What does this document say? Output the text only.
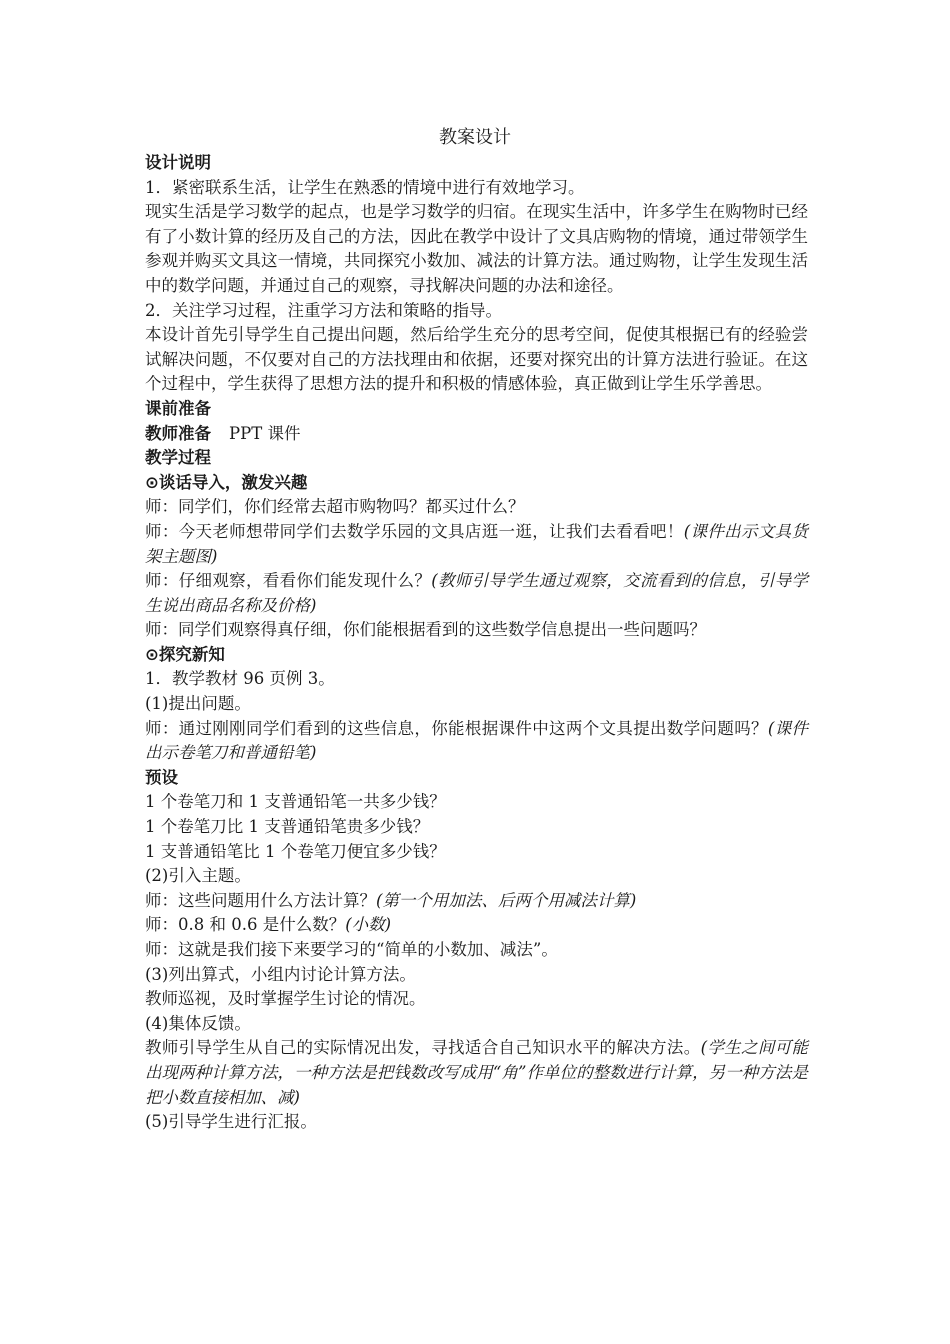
教案设计

设计说明

1．紧密联系生活，让学生在熟悉的情境中进行有效地学习。

现实生活是学习数学的起点，也是学习数学的归宿。在现实生活中，许多学生在购物时已经有了小数计算的经历及自己的方法，因此在教学中设计了文具店购物的情境，通过带领学生参观并购买文具这一情境，共同探究小数加、减法的计算方法。通过购物，让学生发现生活中的数学问题，并通过自己的观察，寻找解决问题的办法和途径。

2．关注学习过程，注重学习方法和策略的指导。

本设计首先引导学生自己提出问题，然后给学生充分的思考空间，促使其根据已有的经验尝试解决问题，不仅要对自己的方法找理由和依据，还要对探究出的计算方法进行验证。在这个过程中，学生获得了思想方法的提升和积极的情感体验，真正做到让学生乐学善思。

课前准备

教师准备 PPT 课件

教学过程

⊙谈话导入，激发兴趣

师：同学们，你们经常去超市购物吗？都买过什么？

师：今天老师想带同学们去数学乐园的文具店逛一逛，让我们去看看吧！(课件出示文具货架主题图)

师：仔细观察，看看你们能发现什么？(教师引导学生通过观察，交流看到的信息，引导学生说出商品名称及价格)

师：同学们观察得真仔细，你们能根据看到的这些数学信息提出一些问题吗？

⊙探究新知

1．教学教材 96 页例 3。

(1)提出问题。

师：通过刚刚同学们看到的这些信息，你能根据课件中这两个文具提出数学问题吗？(课件出示卷笔刀和普通铅笔)

预设

1 个卷笔刀和 1 支普通铅笔一共多少钱？

1 个卷笔刀比 1 支普通铅笔贵多少钱？

1 支普通铅笔比 1 个卷笔刀便宜多少钱？

(2)引入主题。

师：这些问题用什么方法计算？(第一个用加法、后两个用减法计算)

师：0.8 和 0.6 是什么数？(小数)

师：这就是我们接下来要学习的“简单的小数加、减法”。

(3)列出算式，小组内讨论计算方法。

教师巡视，及时掌握学生讨论的情况。

(4)集体反馈。

教师引导学生从自己的实际情况出发，寻找适合自己知识水平的解决方法。(学生之间可能出现两种计算方法，一种方法是把钱数改写成用“角”作单位的整数进行计算，另一种方法是把小数直接相加、减)

(5)引导学生进行汇报。
